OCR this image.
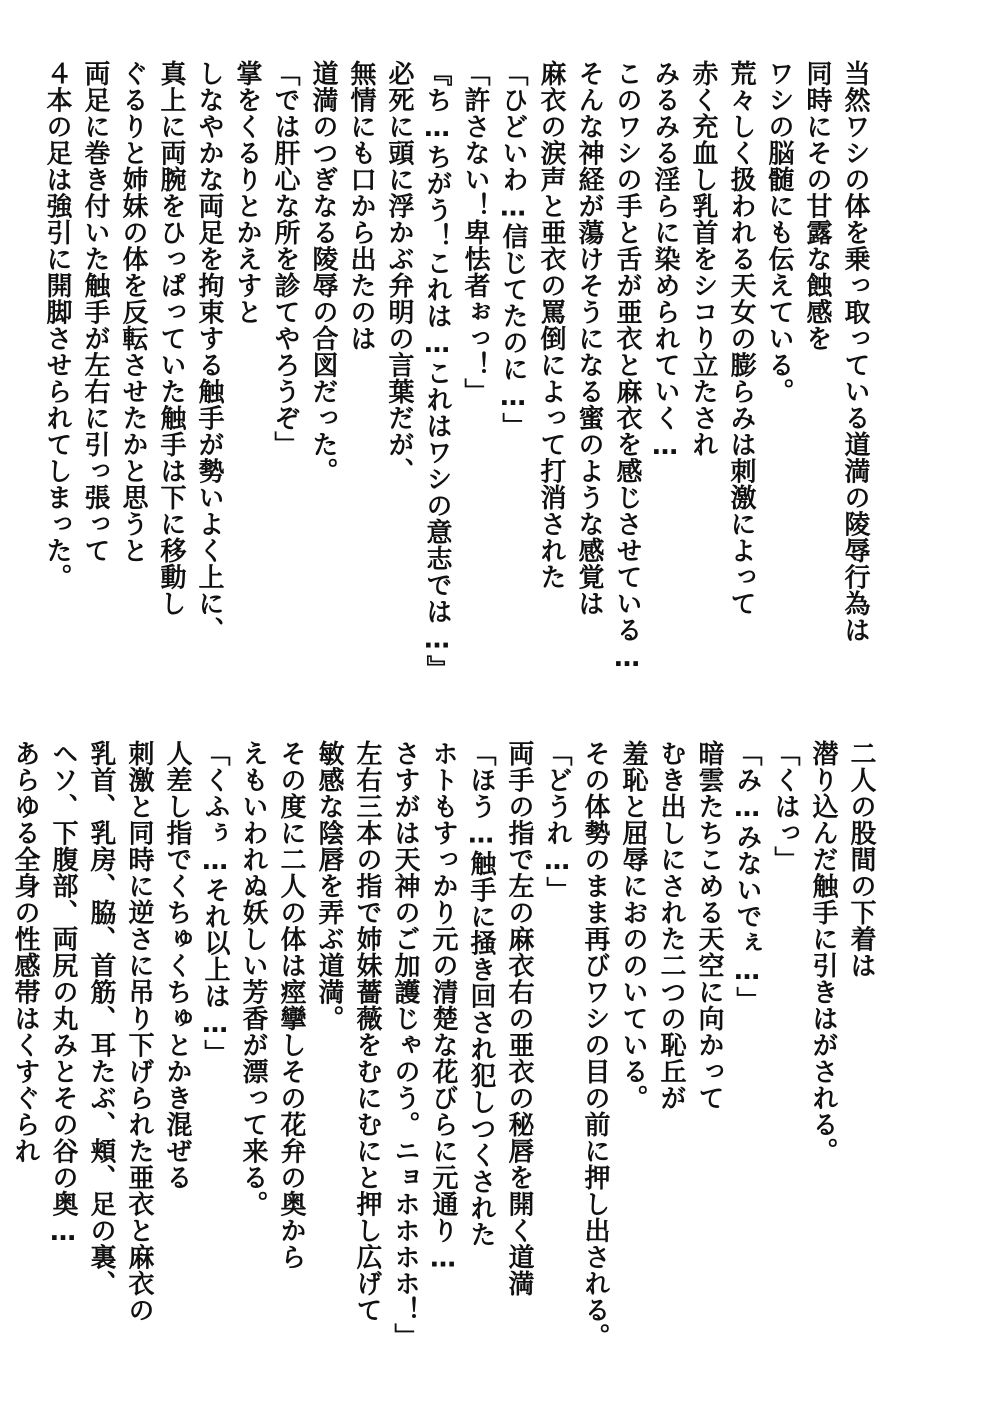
当然ワシの体を乗っ取っている道満の陵辱行為は
同時にその甘露な蝕感を
ワシの脳髄にも伝えている。
荒々しく扱われる天女の膨らみは刺激によって
赤く充血し乳首をシコり立たされ
みるみる淫らに染められていく…
このワシの手と舌が亜衣と麻衣を感じさせている…
そんな神経が蕩けそうになる蜜のような感覚は
麻衣の涙声と亜衣の罵倒によって打消された
「ひどいわ…信じてたのに…」
「許さない！卑怯者ぉっ！」
『ち…ちがう！これは…これはワシの意志では…』
必死に頭に浮かぶ弁明の言葉だが、
無情にも口から出たのは
道満のつぎなる陵辱の合図だった。
「では肝心な所を診てやろうぞ」
掌をくるりとかえすと
しなやかな両足を拘束する触手が勢いよく上に、
真上に両腕をひっぱっていた触手は下に移動し
ぐるりと姉妹の体を反転させたかと思うと
両足に巻き付いた触手が左右に引っ張って
４本の足は強引に開脚させられてしまった。
二人の股間の下着は
潜り込んだ触手に引きはがされる。
「くはっ」
「み…みないでぇ…」
暗雲たちこめる天空に向かって
むき出しにされた二つの恥丘が
羞恥と屈辱におののいている。
その体勢のまま再びワシの目の前に押し出される。
「どうれ…」
両手の指で左の麻衣右の亜衣の秘唇を開く道満
「ほう…触手に掻き回され犯しつくされた
ホトもすっかり元の清楚な花びらに元通り…
さすがは天神のご加護じゃのう。ニョホホホホ！」
左右三本の指で姉妹薔薇をむにむにと押し広げて
敏感な陰唇を弄ぶ道満。
その度に二人の体は痙攣しその花弁の奥から
えもいわれぬ妖しい芳香が漂って来る。
「くふぅ…それ以上は…」
人差し指でくちゅくちゅとかき混ぜる
刺激と同時に逆さに吊り下げられた亜衣と麻衣の
乳首、乳房、脇、首筋、耳たぶ、頬、足の裏、
ヘソ、下腹部、両尻の丸みとその谷の奥…
あらゆる全身の性感帯はくすぐられ
